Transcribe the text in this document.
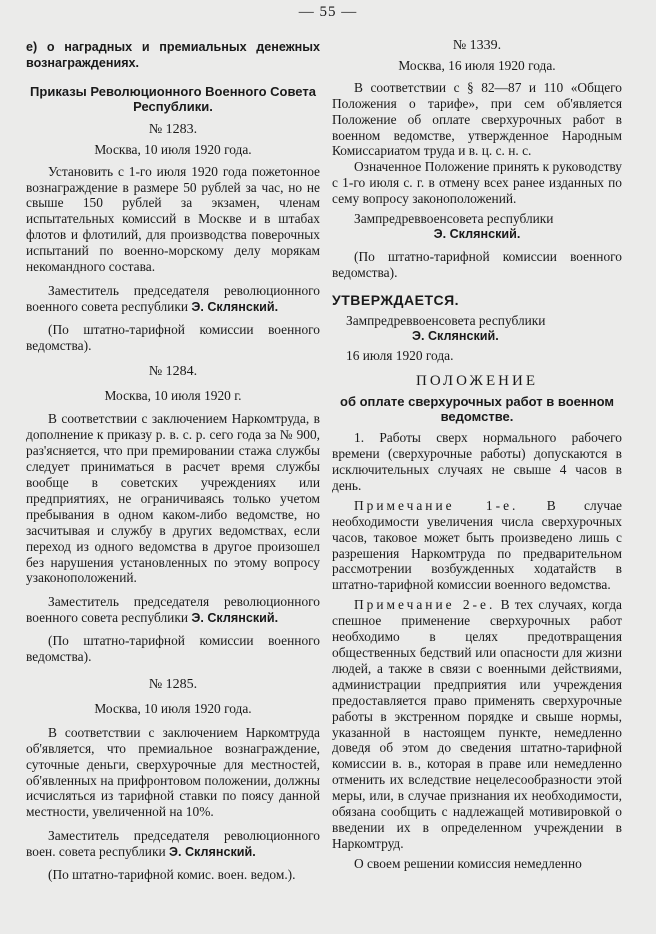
— 55 —

е) о наградных и премиальных денежных вознаграждениях.

Приказы Революционного Военного Совета Республики.

№ 1283.

Москва, 10 июля 1920 года.

Установить с 1-го июля 1920 года пожетонное вознаграждение в размере 50 рублей за час, но не свыше 150 рублей за экзамен, членам испытательных комиссий в Москве и в штабах флотов и флотилий, для производства поверочных испытаний по военно-морскому делу морякам некомандного состава.

Заместитель председателя революционного военного совета республики Э. Склянский.

(По штатно-тарифной комиссии военного ведомства).

№ 1284.

Москва, 10 июля 1920 г.

В соответствии с заключением Наркомтруда, в дополнение к приказу р. в. с. р. сего года за № 900, раз'ясняется, что при премировании стажа службы следует приниматься в расчет время службы вообще в советских учреждениях или предприятиях, не ограничиваясь только учетом пребывания в одном каком-либо ведомстве, но засчитывая и службу в других ведомствах, если переход из одного ведомства в другое произошел без нарушения установленных по этому вопросу узаконоположений.

Заместитель председателя революционного военного совета республики Э. Склянский.

(По штатно-тарифной комиссии военного ведомства).

№ 1285.

Москва, 10 июля 1920 года.

В соответствии с заключением Наркомтруда об'является, что премиальное вознаграждение, суточные деньги, сверхурочные для местностей, об'явленных на прифронтовом положении, должны исчисляться из тарифной ставки по поясу данной местности, увеличенной на 10%.

Заместитель председателя революционного воен. совета республики Э. Склянский.

(По штатно-тарифной комис. воен. ведом.).

№ 1339.

Москва, 16 июля 1920 года.

В соответствии с § 82—87 и 110 «Общего Положения о тарифе», при сем об'является Положение об оплате сверхурочных работ в военном ведомстве, утвержденное Народным Комиссариатом труда и в. ц. с. н. с.

Означенное Положение принять к руководству с 1-го июля с. г. в отмену всех ранее изданных по сему вопросу законоположений.

Зампредреввоенсовета республики

Э. Склянский.

(По штатно-тарифной комиссии военного ведомства).

УТВЕРЖДАЕТСЯ.

Зампредреввоенсовета республики

Э. Склянский.

16 июля 1920 года.

ПОЛОЖЕНИЕ

об оплате сверхурочных работ в военном ведомстве.

1. Работы сверх нормального рабочего времени (сверхурочные работы) допускаются в исключительных случаях не свыше 4 часов в день.

Примечание 1-е. В случае необходимости увеличения числа сверхурочных часов, таковое может быть произведено лишь с разрешения Наркомтруда по предварительном рассмотрении возбужденных ходатайств в штатно-тарифной комиссии военного ведомства.

Примечание 2-е. В тех случаях, когда спешное применение сверхурочных работ необходимо в целях предотвращения общественных бедствий или опасности для жизни людей, а также в связи с военными действиями, администрации предприятия или учреждения предоставляется право применять сверхурочные работы в экстренном порядке и свыше нормы, указанной в настоящем пункте, немедленно доведя об этом до сведения штатно-тарифной комиссии в. в., которая в праве или немедленно отменить их вследствие нецелесообразности этой меры, или, в случае признания их необходимости, обязана сообщить с надлежащей мотивировкой о введении их в определенном учреждении в Наркомтруд.

О своем решении комиссия немедленно
